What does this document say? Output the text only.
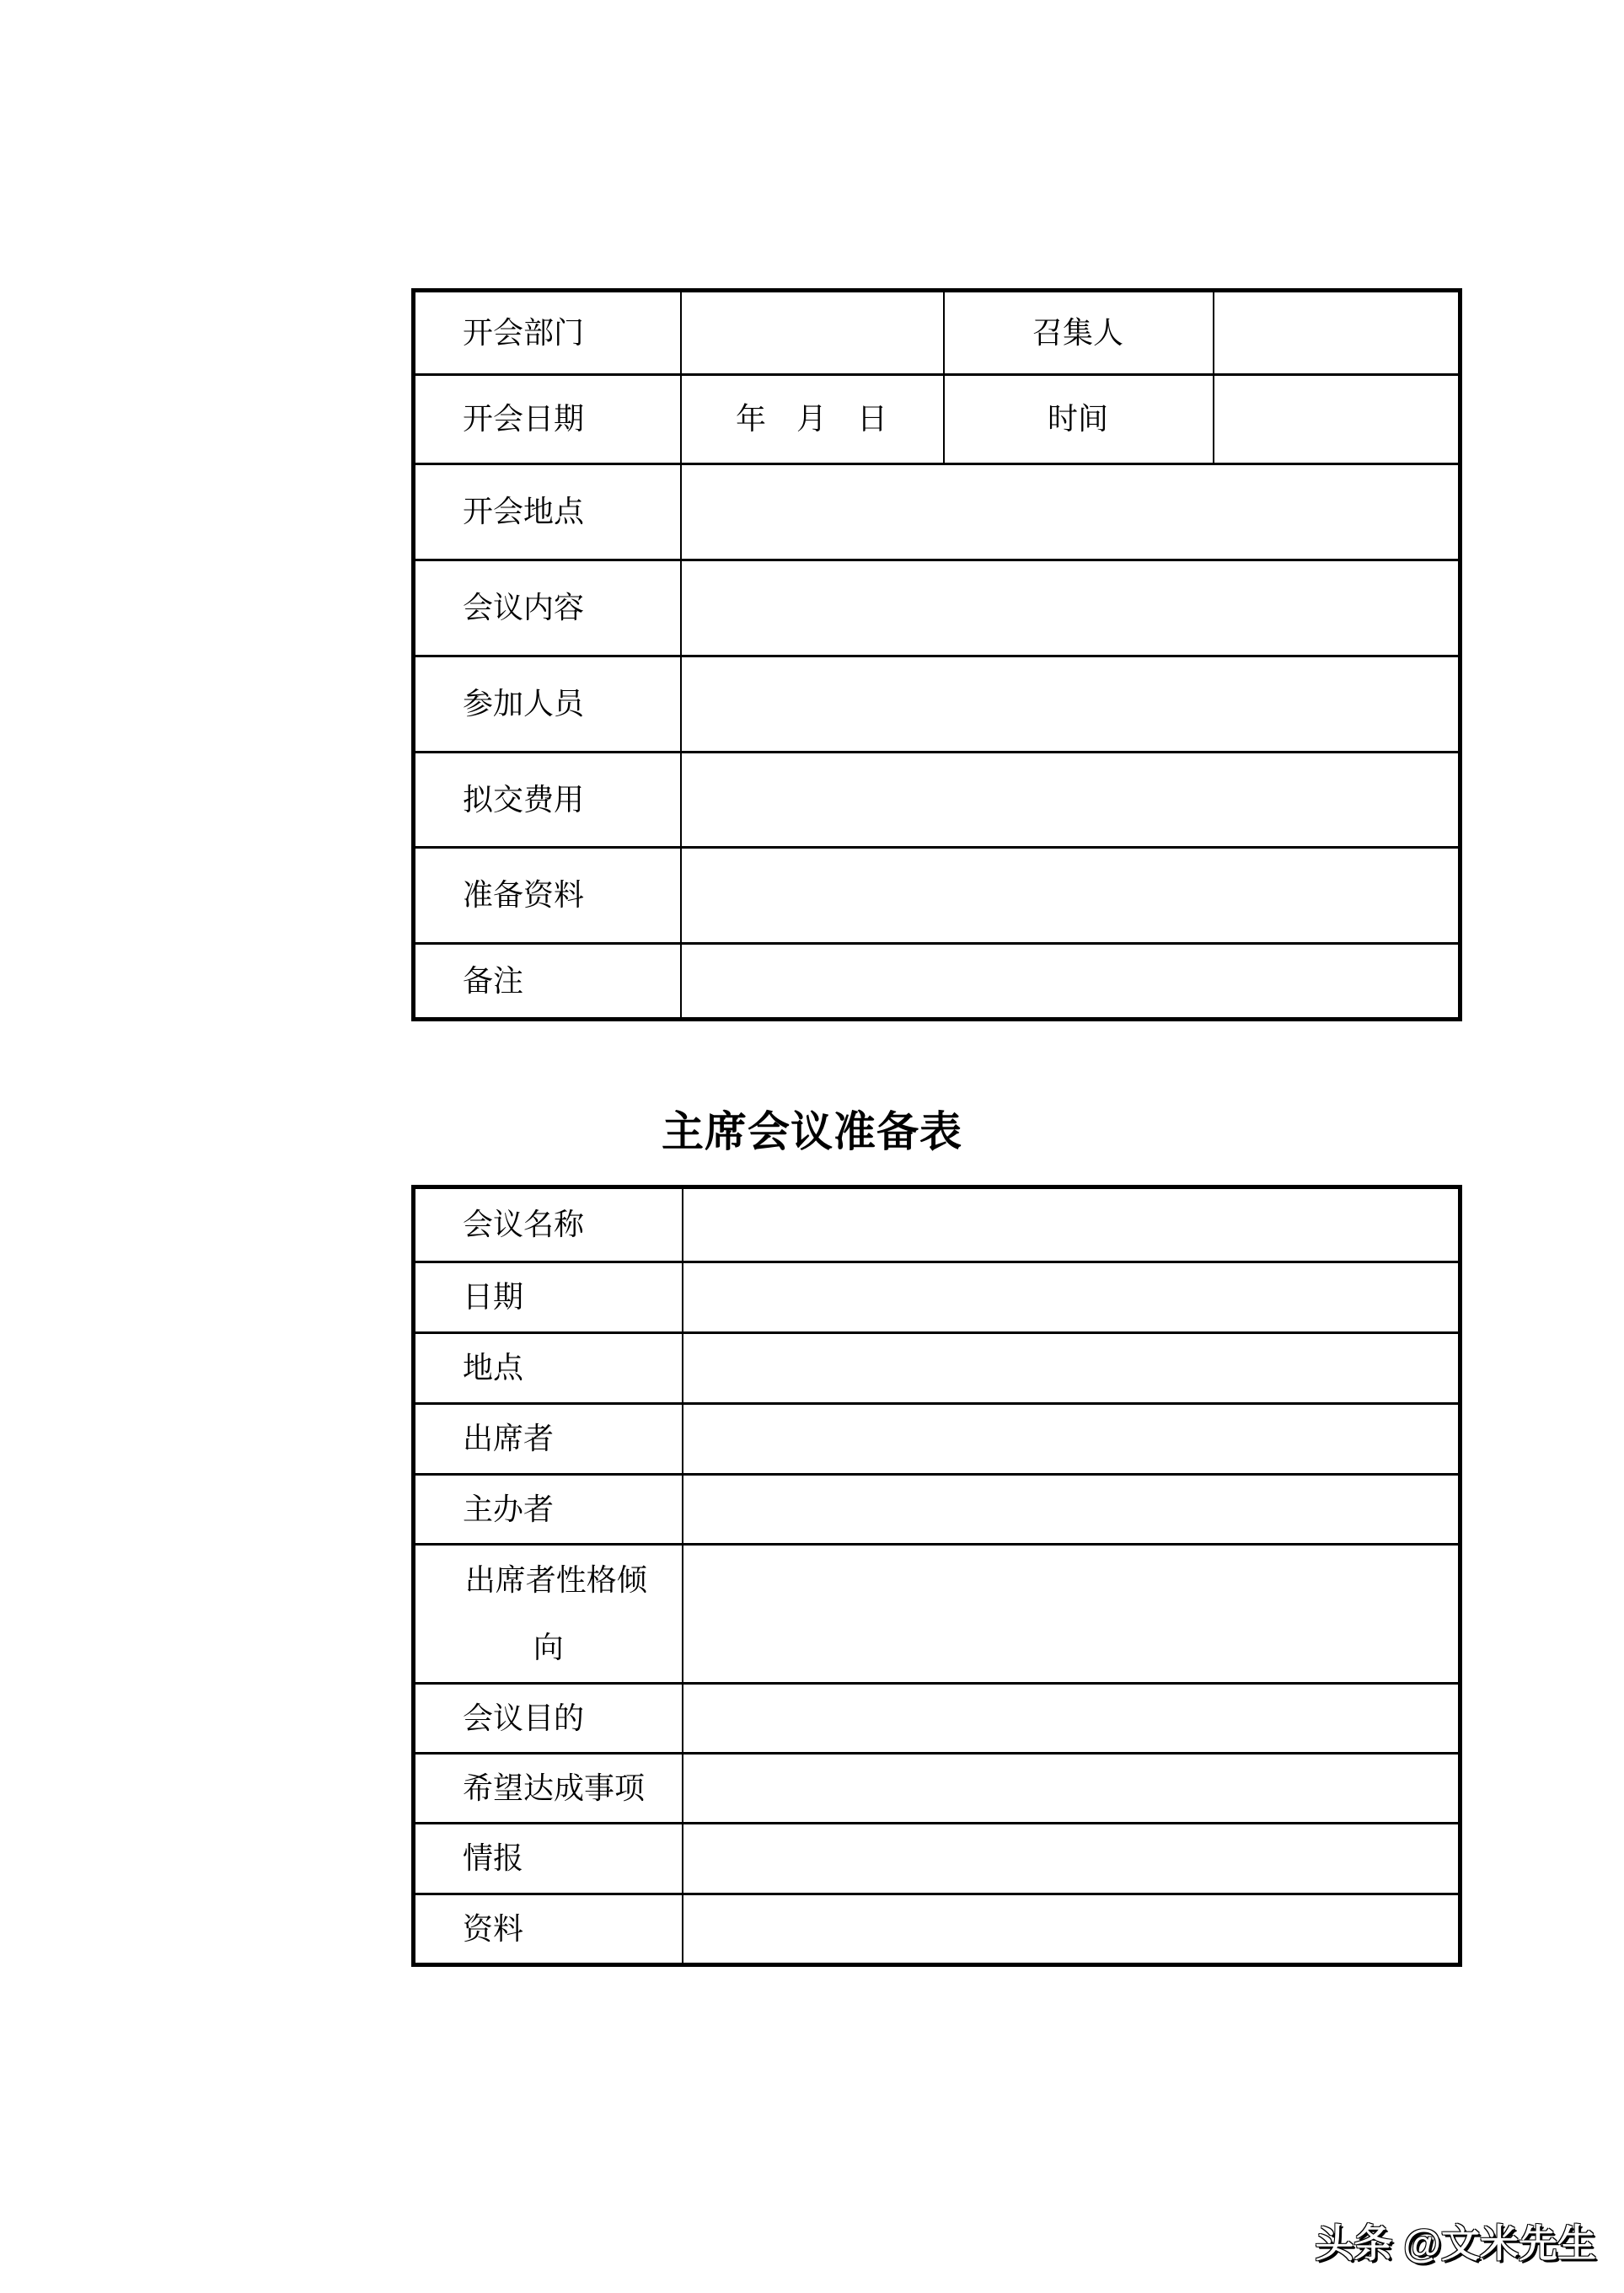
开会部门		召集人	
开会日期	年　月　日	时间	
开会地点			
会议内容			
参加人员			
拟交费用			
准备资料			
备注			
主席会议准备表
会议名称	
日期	
地点	
出席者	
主办者	

出席者性格倾
向	

会议目的	
希望达成事项	
情报	
资料	
头条 @文米先生
